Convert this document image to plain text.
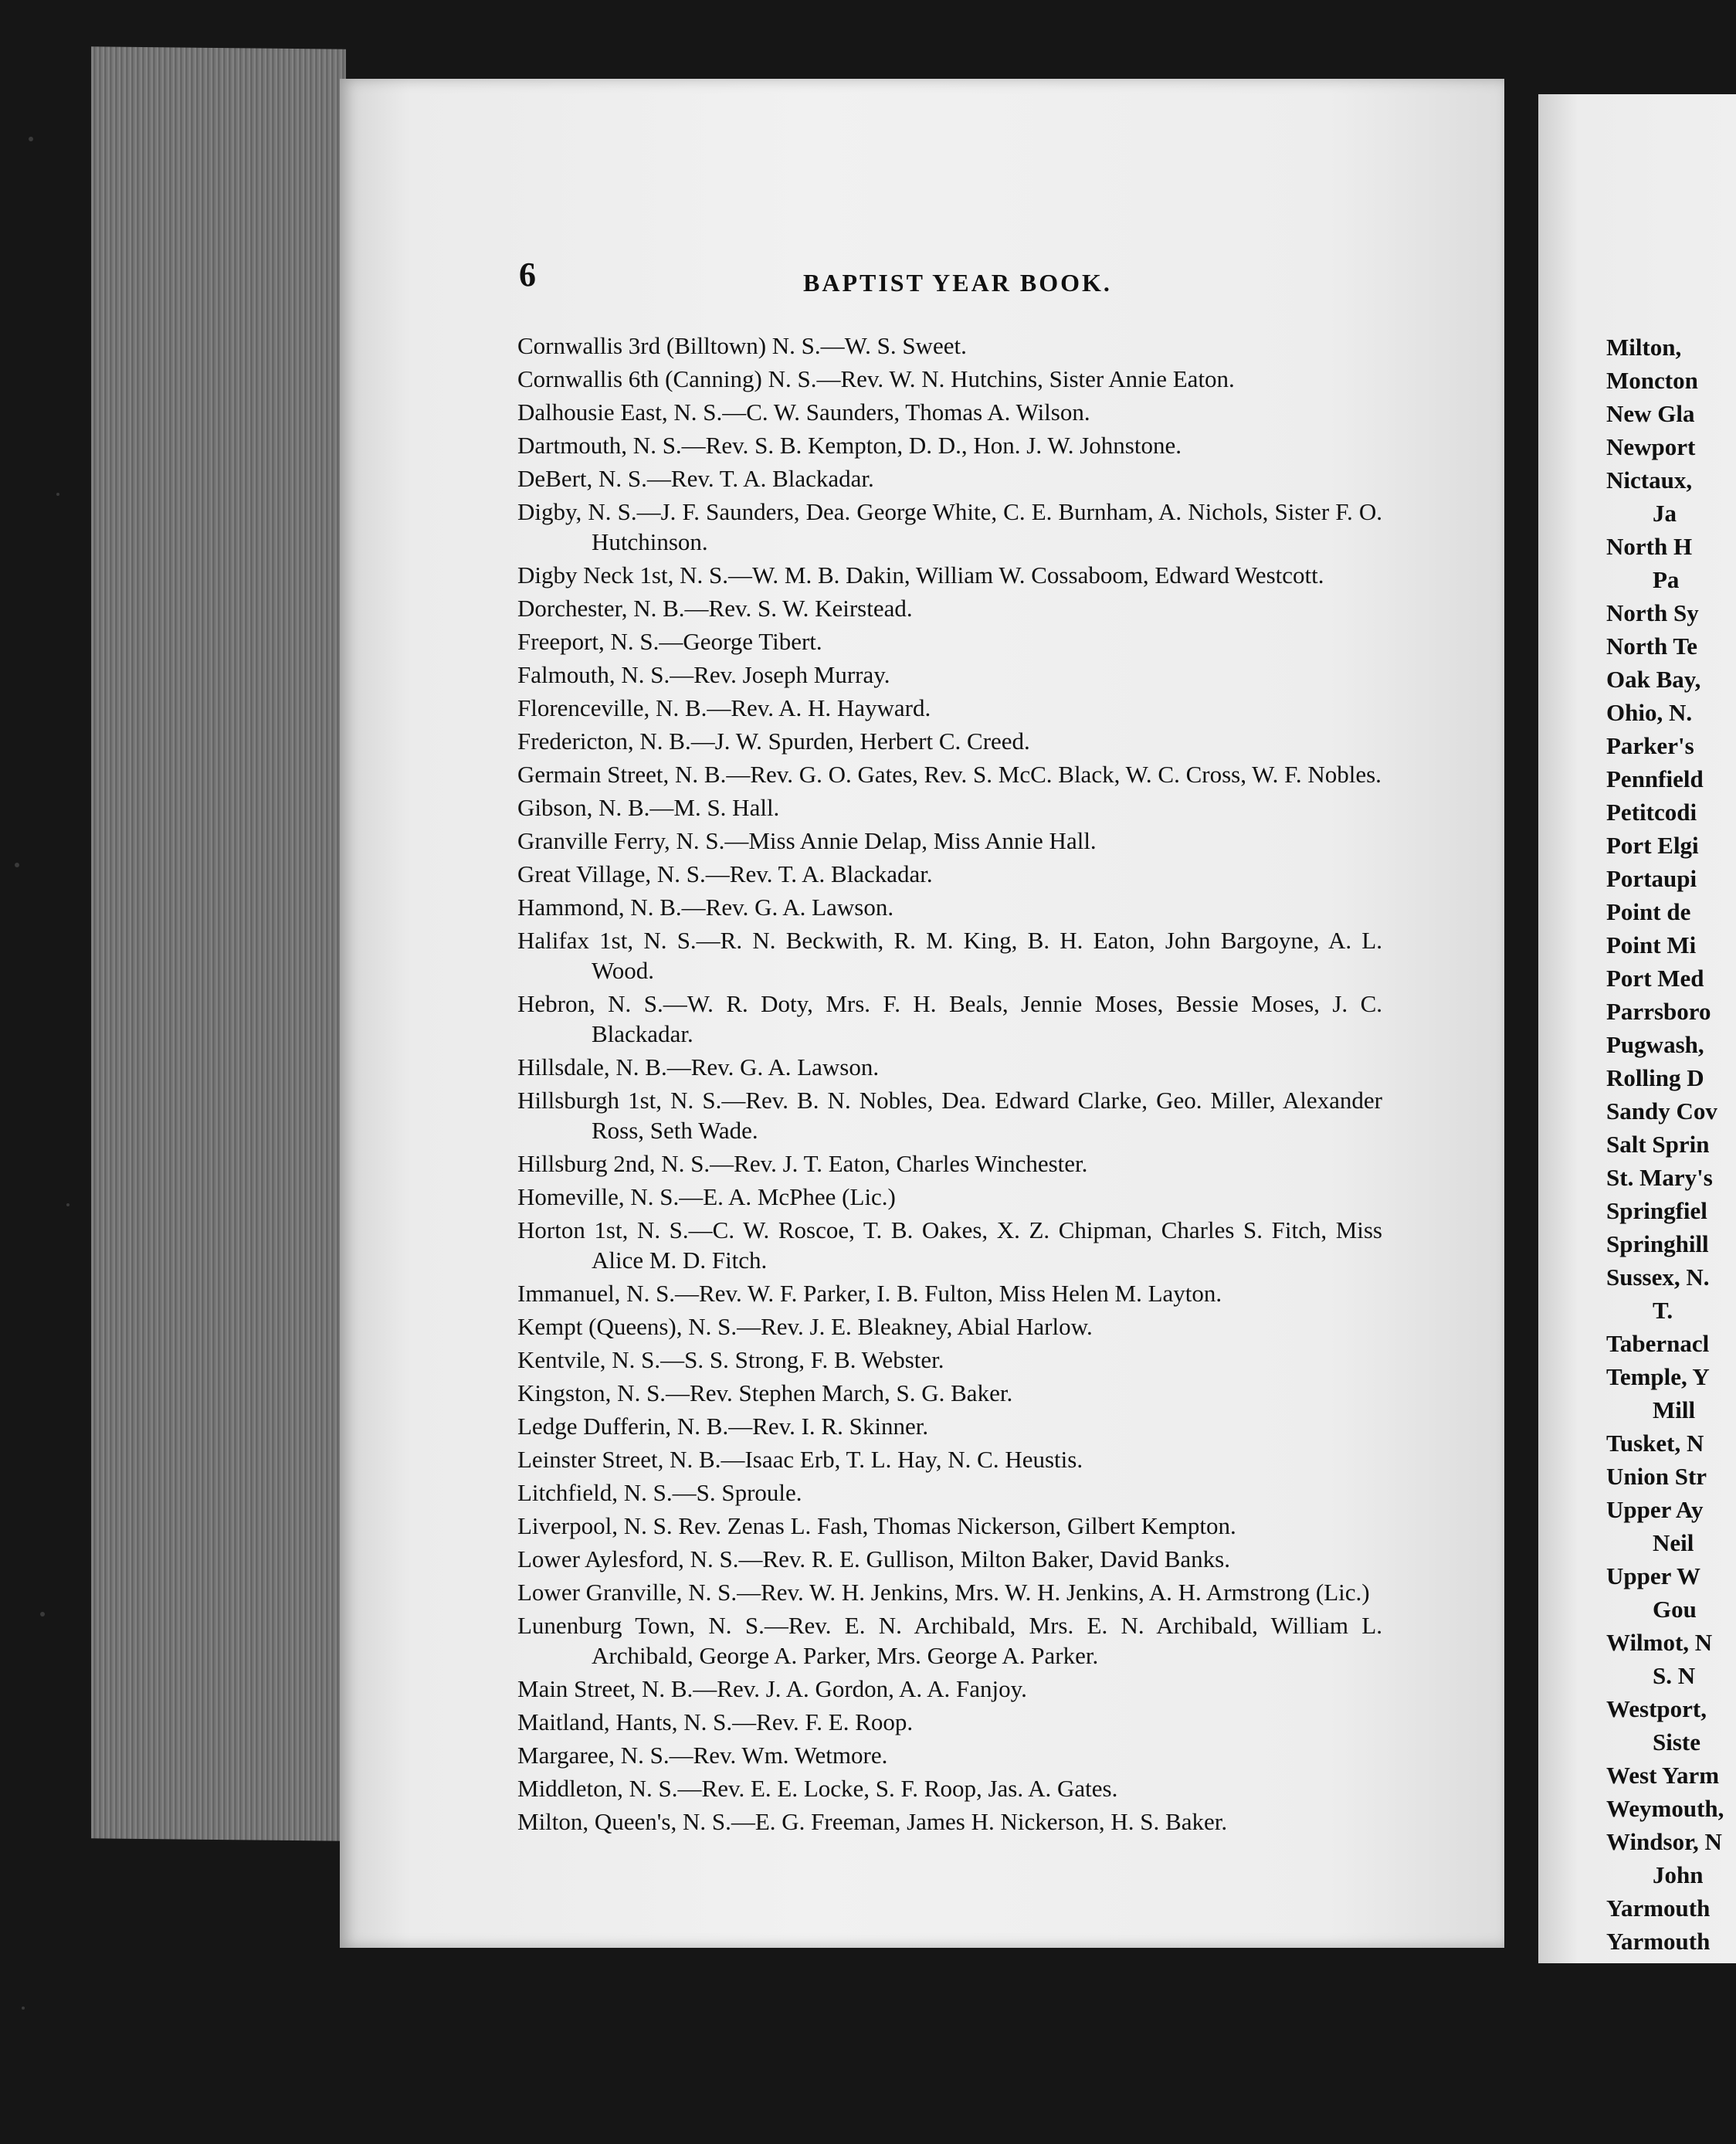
6	BAPTIST YEAR BOOK.

Cornwallis 3rd (Billtown) N. S.—W. S. Sweet.

Cornwallis 6th (Canning) N. S.—Rev. W. N. Hutchins, Sister Annie Eaton.

Dalhousie East, N. S.—C. W. Saunders, Thomas A. Wilson.

Dartmouth, N. S.—Rev. S. B. Kempton, D. D., Hon. J. W. Johnstone.

DeBert, N. S.—Rev. T. A. Blackadar.

Digby, N. S.—J. F. Saunders, Dea. George White, C. E. Burnham, A. Nichols, Sister F. O. Hutchinson.

Digby Neck 1st, N. S.—W. M. B. Dakin, William W. Cossaboom, Edward Westcott.

Dorchester, N. B.—Rev. S. W. Keirstead.

Freeport, N. S.—George Tibert.

Falmouth, N. S.—Rev. Joseph Murray.

Florenceville, N. B.—Rev. A. H. Hayward.

Fredericton, N. B.—J. W. Spurden, Herbert C. Creed.

Germain Street, N. B.—Rev. G. O. Gates, Rev. S. McC. Black, W. C. Cross, W. F. Nobles.

Gibson, N. B.—M. S. Hall.

Granville Ferry, N. S.—Miss Annie Delap, Miss Annie Hall.

Great Village, N. S.—Rev. T. A. Blackadar.

Hammond, N. B.—Rev. G. A. Lawson.

Halifax 1st, N. S.—R. N. Beckwith, R. M. King, B. H. Eaton, John Bargoyne, A. L. Wood.

Hebron, N. S.—W. R. Doty, Mrs. F. H. Beals, Jennie Moses, Bessie Moses, J. C. Blackadar.

Hillsdale, N. B.—Rev. G. A. Lawson.

Hillsburgh 1st, N. S.—Rev. B. N. Nobles, Dea. Edward Clarke, Geo. Miller, Alexander Ross, Seth Wade.

Hillsburg 2nd, N. S.—Rev. J. T. Eaton, Charles Winchester.

Homeville, N. S.—E. A. McPhee (Lic.)

Horton 1st, N. S.—C. W. Roscoe, T. B. Oakes, X. Z. Chipman, Charles S. Fitch, Miss Alice M. D. Fitch.

Immanuel, N. S.—Rev. W. F. Parker, I. B. Fulton, Miss Helen M. Layton.

Kempt (Queens), N. S.—Rev. J. E. Bleakney, Abial Harlow.

Kentvile, N. S.—S. S. Strong, F. B. Webster.

Kingston, N. S.—Rev. Stephen March, S. G. Baker.

Ledge Dufferin, N. B.—Rev. I. R. Skinner.

Leinster Street, N. B.—Isaac Erb, T. L. Hay, N. C. Heustis.

Litchfield, N. S.—S. Sproule.

Liverpool, N. S. Rev. Zenas L. Fash, Thomas Nickerson, Gilbert Kempton.

Lower Aylesford, N. S.—Rev. R. E. Gullison, Milton Baker, David Banks.

Lower Granville, N. S.—Rev. W. H. Jenkins, Mrs. W. H. Jenkins, A. H. Armstrong (Lic.)

Lunenburg Town, N. S.—Rev. E. N. Archibald, Mrs. E. N. Archibald, William L. Archibald, George A. Parker, Mrs. George A. Parker.

Main Street, N. B.—Rev. J. A. Gordon, A. A. Fanjoy.

Maitland, Hants, N. S.—Rev. F. E. Roop.

Margaree, N. S.—Rev. Wm. Wetmore.

Middleton, N. S.—Rev. E. E. Locke, S. F. Roop, Jas. A. Gates.

Milton, Queen's, N. S.—E. G. Freeman, James H. Nickerson, H. S. Baker.

Milton,

Moncton

New Gla

Newport

Nictaux,

Ja

North H

Pa

North Sy

North Te

Oak Bay,

Ohio, N.

Parker's

Pennfield

Petitcodi

Port Elgi

Portaupi

Point de

Point Mi

Port Med

Parrsboro

Pugwash,

Rolling D

Sandy Cov

Salt Sprin

St. Mary's

Springfiel

Springhill

Sussex, N.

T.

Tabernacl

Temple, Y

Mill

Tusket, N

Union Str

Upper Ay

Neil

Upper W

Gou

Wilmot, N

S. N

Westport,

Siste

West Yarm

Weymouth,

Windsor, N

John

Yarmouth

Yarmouth
